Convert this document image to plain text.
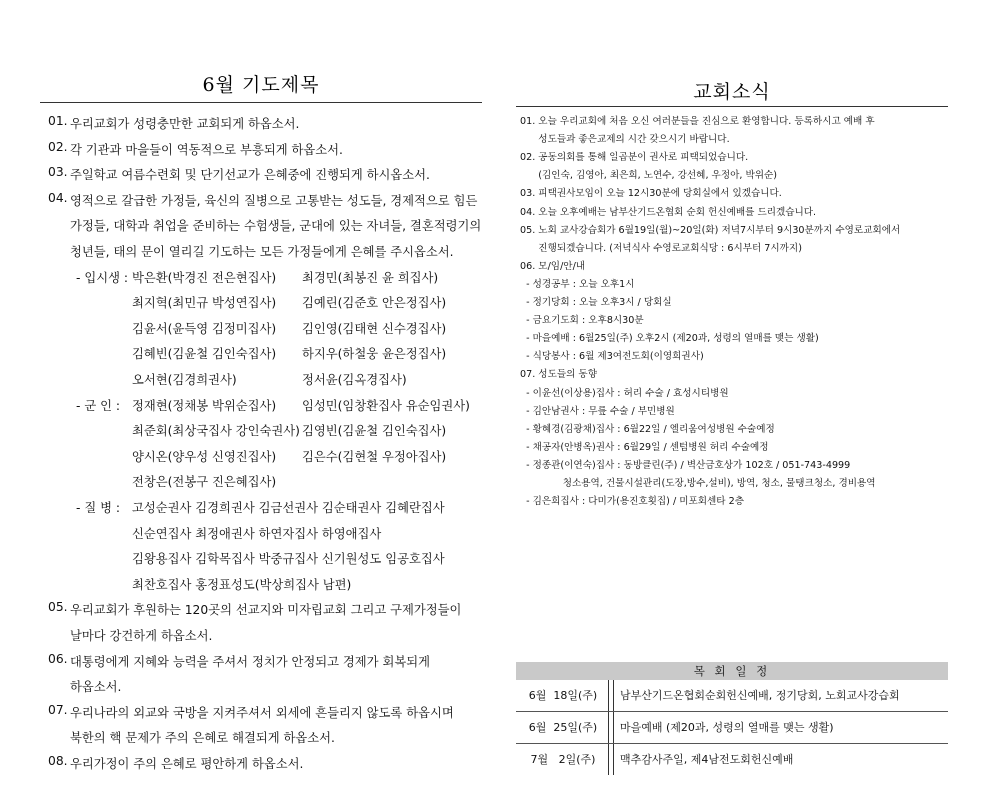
6월 기도제목
01. 우리교회가 성령충만한 교회되게 하옵소서.
02. 각 기관과 마을들이 역동적으로 부흥되게 하옵소서.
03. 주일학교 여름수련회 및 단기선교가 은혜중에 진행되게 하시옵소서.
04. 영적으로 갈급한 가정들, 육신의 질병으로 고통받는 성도들, 경제적으로 힘든
가정들, 대학과 취업을 준비하는 수험생들, 군대에 있는 자녀들, 결혼적령기의
청년들, 태의 문이 열리길 기도하는 모든 가정들에게 은혜를 주시옵소서.
- 입시생 : 박은환(박경진 전은현집사) 최경민(최봉진 윤 희집사)
최지혁(최민규 박성연집사) 김예린(김준호 안은정집사)
김윤서(윤득영 김정미집사) 김인영(김태현 신수경집사)
김혜빈(김윤철 김인숙집사) 하지우(하철웅 윤은정집사)
오서현(김경희권사)	정서윤(김옥경집사)
- 군 인 : 정재현(정채봉 박위순집사) 임성민(임창환집사 유순임권사)
최준회(최상국집사 강인숙권사) 김영빈(김윤철 김인숙집사)
양시온(양우성 신영진집사) 김은수(김현철 우정아집사)
전창은(전봉구 진은혜집사)
- 질 병 : 고성순권사 김경희권사 김금선권사 김순태권사 김혜란집사
신순연집사 최정애권사 하연자집사 하영애집사
김왕용집사 김학목집사 박중규집사 신기원성도 임공호집사
최찬호집사 홍정표성도(박상희집사 남편)
05. 우리교회가 후원하는 120곳의 선교지와 미자립교회 그리고 구제가정들이
날마다 강건하게 하옵소서.
06. 대통령에게 지혜와 능력을 주셔서 정치가 안정되고 경제가 회복되게
하옵소서.
07. 우리나라의 외교와 국방을 지켜주셔서 외세에 흔들리지 않도록 하옵시며
북한의 핵 문제가 주의 은혜로 해결되게 하옵소서.
08. 우리가정이 주의 은혜로 평안하게 하옵소서.
교회소식
01. 오늘 우리교회에 처음 오신 여러분들을 진심으로 환영합니다. 등록하시고 예배 후
성도들과 좋은교제의 시간 갖으시기 바랍니다.
02. 공동의회를 통해 일곱분이 권사로 피택되었습니다.
(김인숙, 김영아, 최은희, 노연수, 강선혜, 우정아, 박위순)
03. 피택권사모임이 오늘 12시30분에 당회실에서 있겠습니다.
04. 오늘 오후예배는 남부산기드온협회 순회 헌신예배를 드리겠습니다.
05. 노회 교사강습회가 6월19일(월)~20일(화) 저녁7시부터 9시30분까지 수영로교회에서
진행되겠습니다. (저녁식사 수영로교회식당 : 6시부터 7시까지)
06. 모/임/안/내
- 성경공부 : 오늘 오후1시
- 정기당회 : 오늘 오후3시 / 당회실
- 금요기도회 : 오후8시30분
- 마을예배 : 6월25일(주) 오후2시 (제20과, 성령의 열매를 맺는 생활)
- 식당봉사 : 6월 제3여전도회(이영희권사)
07. 성도들의 동향
- 이윤선(이상용)집사 : 허리 수술 / 효성시티병원
- 김안남권사 : 무릎 수술 / 부민병원
- 황혜경(김광채)집사 : 6월22일 / 엘리움여성병원 수술예정
- 채공자(안병옥)권사 : 6월29일 / 센텀병원 허리 수술예정
- 정종관(이연숙)집사 : 동방클린(주) / 벽산금호상가 102호 / 051-743-4999
청소용역, 건물시설관리(도장,방수,설비), 방역, 청소, 물탱크청소, 경비용역
- 김은희집사 : 다미가(용진호횟집) / 미포회센타 2층
목 회 일 정
6월  18일(주)	남부산기드온협회순회헌신예배, 정기당회, 노회교사강습회
6월  25일(주)	마을예배 (제20과, 성령의 열매를 맺는 생활)
7월   2일(주)	맥추감사주일, 제4남전도회헌신예배
